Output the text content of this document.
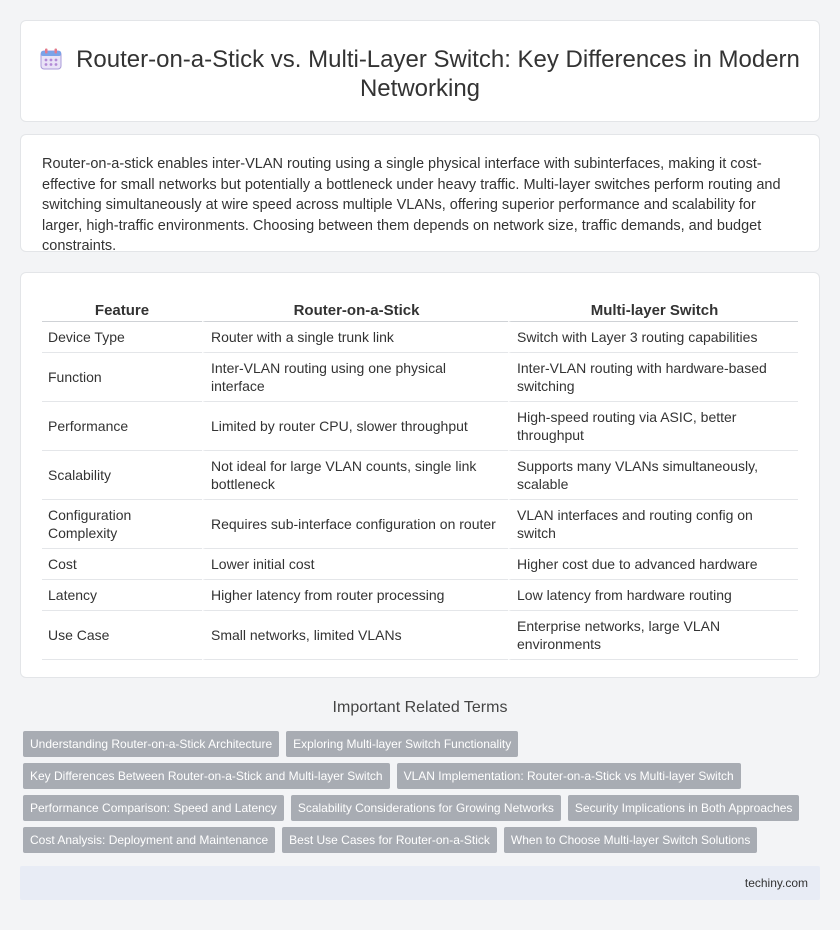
Router-on-a-Stick vs. Multi-Layer Switch: Key Differences in Modern Networking

Router-on-a-stick enables inter-VLAN routing using a single physical interface with subinterfaces, making it cost-effective for small networks but potentially a bottleneck under heavy traffic. Multi-layer switches perform routing and switching simultaneously at wire speed across multiple VLANs, offering superior performance and scalability for larger, high-traffic environments. Choosing between them depends on network size, traffic demands, and budget constraints.

Feature	Router-on-a-Stick	Multi-layer Switch
Device Type	Router with a single trunk link	Switch with Layer 3 routing capabilities
Function	Inter-VLAN routing using one physical interface	Inter-VLAN routing with hardware-based switching
Performance	Limited by router CPU, slower throughput	High-speed routing via ASIC, better throughput
Scalability	Not ideal for large VLAN counts, single link bottleneck	Supports many VLANs simultaneously, scalable
Configuration Complexity	Requires sub-interface configuration on router	VLAN interfaces and routing config on switch
Cost	Lower initial cost	Higher cost due to advanced hardware
Latency	Higher latency from router processing	Low latency from hardware routing
Use Case	Small networks, limited VLANs	Enterprise networks, large VLAN environments
Important Related Terms
Understanding Router-on-a-Stick Architecture	Exploring Multi-layer Switch Functionality
Key Differences Between Router-on-a-Stick and Multi-layer Switch	VLAN Implementation: Router-on-a-Stick vs Multi-layer Switch
Performance Comparison: Speed and Latency	Scalability Considerations for Growing Networks	Security Implications in Both Approaches
Cost Analysis: Deployment and Maintenance	Best Use Cases for Router-on-a-Stick	When to Choose Multi-layer Switch Solutions
techiny.com
